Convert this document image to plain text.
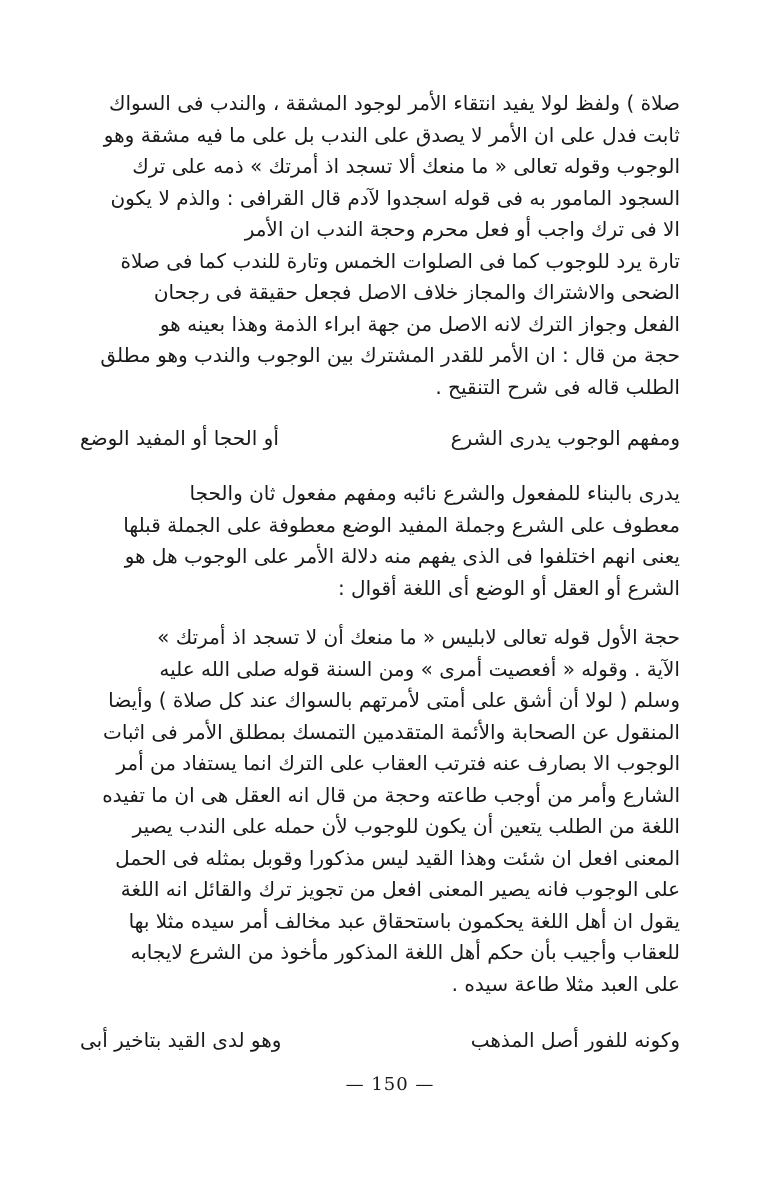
صلاة ) ولفظ لولا يفيد انتقاء الأمر لوجود المشقة ، والندب فى السواك
ثابت فدل على ان الأمر لا يصدق على الندب بل على ما فيه مشقة وهو
الوجوب وقوله تعالى « ما منعك ألا تسجد اذ أمرتك » ذمه على ترك
السجود المامور به فى قوله اسجدوا لآدم قال القرافى : والذم لا يكون
الا فى ترك واجب أو فعل محرم وحجة الندب ان الأمر
تارة يرد للوجوب كما فى الصلوات الخمس وتارة للندب كما فى صلاة
الضحى والاشتراك والمجاز خلاف الاصل فجعل حقيقة فى رجحان
الفعل وجواز الترك لانه الاصل من جهة ابراء الذمة وهذا بعينه هو
حجة من قال : ان الأمر للقدر المشترك بين الوجوب والندب وهو مطلق
الطلب قاله فى شرح التنقيح .
ومفهم الوجوب يدرى الشرع
أو الحجا أو المفيد الوضع
يدرى بالبناء للمفعول والشرع نائبه ومفهم مفعول ثان والحجا
معطوف على الشرع وجملة المفيد الوضع معطوفة على الجملة قبلها
يعنى انهم اختلفوا فى الذى يفهم منه دلالة الأمر على الوجوب هل هو
الشرع أو العقل أو الوضع أى اللغة أقوال :
حجة الأول قوله تعالى لابليس « ما منعك أن لا تسجد اذ أمرتك »
الآية . وقوله « أفعصيت أمرى » ومن السنة قوله صلى الله عليه
وسلم ( لولا أن أشق على أمتى لأمرتهم بالسواك عند كل صلاة ) وأيضا
المنقول عن الصحابة والأئمة المتقدمين التمسك بمطلق الأمر فى اثبات
الوجوب الا بصارف عنه فترتب العقاب على الترك انما يستفاد من أمر
الشارع وأمر من أوجب طاعته وحجة من قال انه العقل هى ان ما تفيده
اللغة من الطلب يتعين أن يكون للوجوب لأن حمله على الندب يصير
المعنى افعل ان شئت وهذا القيد ليس مذكورا وقوبل بمثله فى الحمل
على الوجوب فانه يصير المعنى افعل من تجويز ترك والقائل انه اللغة
يقول ان أهل اللغة يحكمون باستحقاق عبد مخالف أمر سيده مثلا بها
للعقاب وأجيب بأن حكم أهل اللغة المذكور مأخوذ من الشرع لايجابه
على العبد مثلا طاعة سيده .
وكونه للفور أصل المذهب
وهو لدى القيد بتاخير أبى
— 150 —
